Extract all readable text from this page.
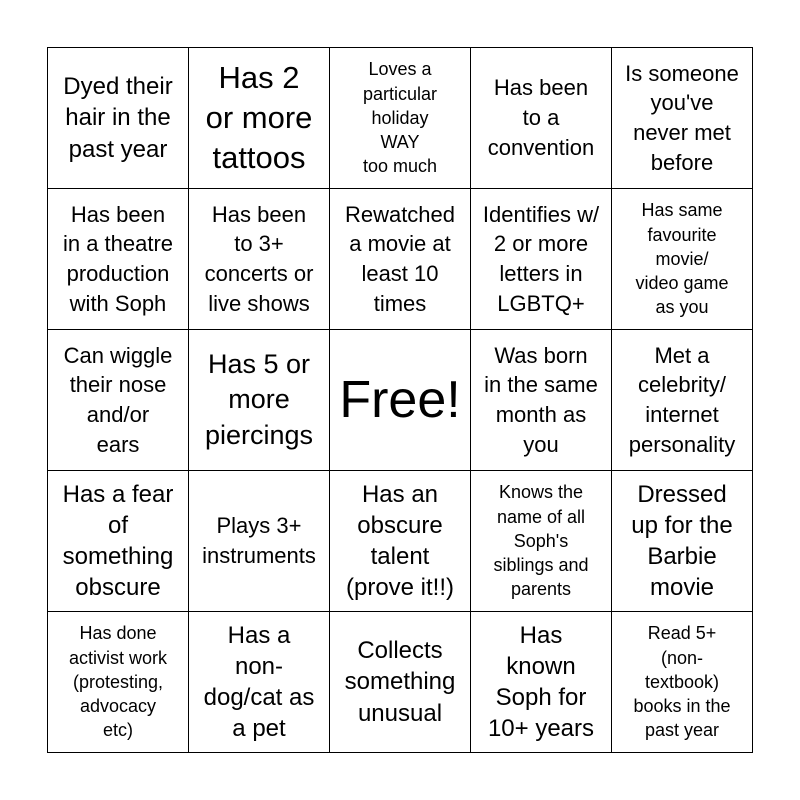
Dyed their
hair in the
past year
Has 2
or more
tattoos
Loves a
particular
holiday
WAY
too much
Has been
to a
convention
Is someone
you've
never met
before
Has been
in a theatre
production
with Soph
Has been
to 3+
concerts or
live shows
Rewatched
a movie at
least 10
times
Identifies w/
2 or more
letters in
LGBTQ+
Has same
favourite
movie/
video game
as you
Can wiggle
their nose
and/or
ears
Has 5 or
more
piercings
Free!
Was born
in the same
month as
you
Met a
celebrity/
internet
personality
Has a fear
of
something
obscure
Plays 3+
instruments
Has an
obscure
talent
(prove it!!)
Knows the
name of all
Soph's
siblings and
parents
Dressed
up for the
Barbie
movie
Has done
activist work
(protesting,
advocacy
etc)
Has a
non-
dog/cat as
a pet
Collects
something
unusual
Has
known
Soph for
10+ years
Read 5+
(non-
textbook)
books in the
past year
